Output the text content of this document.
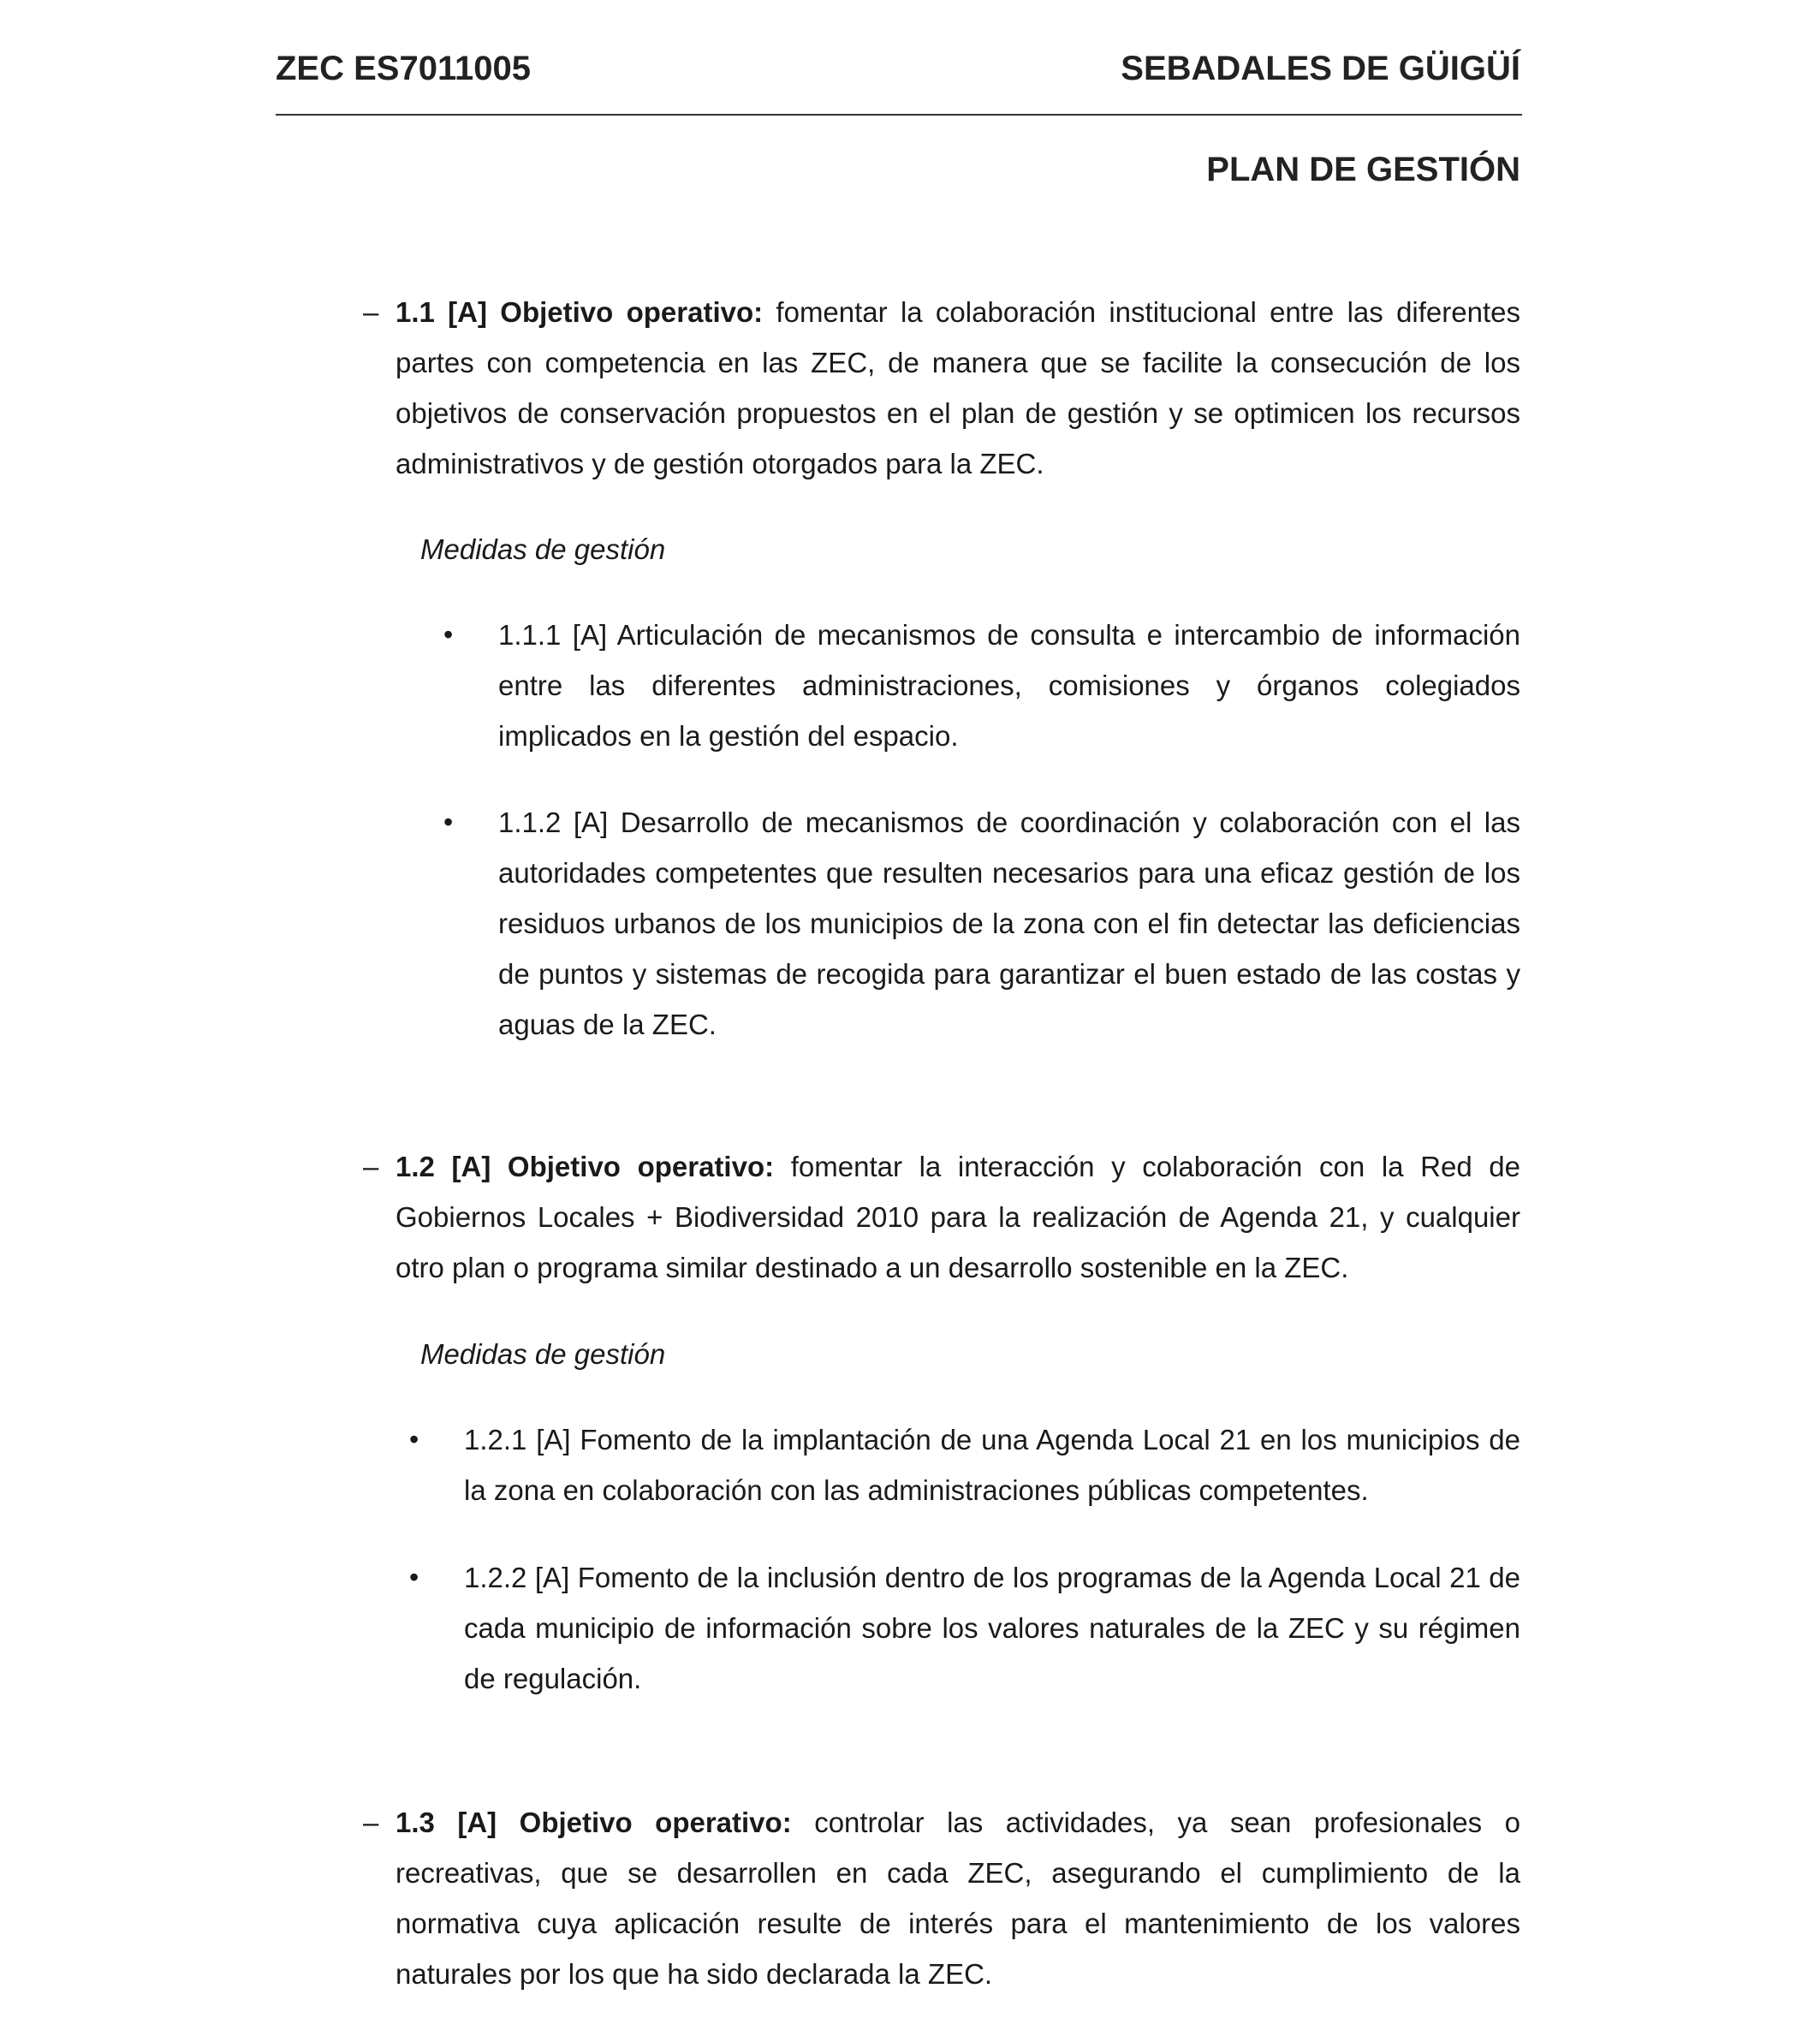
ZEC ES7011005	SEBADALES DE GÜIGÜÍ
PLAN DE GESTIÓN
– 1.1 [A] Objetivo operativo: fomentar la colaboración institucional entre las diferentes partes con competencia en las ZEC, de manera que se facilite la consecución de los objetivos de conservación propuestos en el plan de gestión y se optimicen los recursos administrativos y de gestión otorgados para la ZEC.
Medidas de gestión
• 1.1.1 [A] Articulación de mecanismos de consulta e intercambio de información entre las diferentes administraciones, comisiones y órganos colegiados implicados en la gestión del espacio.
• 1.1.2 [A] Desarrollo de mecanismos de coordinación y colaboración con el las autoridades competentes que resulten necesarios para una eficaz gestión de los residuos urbanos de los municipios de la zona con el fin detectar las deficiencias de puntos y sistemas de recogida para garantizar el buen estado de las costas y aguas de la ZEC.
– 1.2 [A] Objetivo operativo: fomentar la interacción y colaboración con la Red de Gobiernos Locales + Biodiversidad 2010 para la realización de Agenda 21, y cualquier otro plan o programa similar destinado a un desarrollo sostenible en la ZEC.
Medidas de gestión
• 1.2.1 [A] Fomento de la implantación de una Agenda Local 21 en los municipios de la zona en colaboración con las administraciones públicas competentes.
• 1.2.2 [A] Fomento de la inclusión dentro de los programas de la Agenda Local 21 de cada municipio de información sobre los valores naturales de la ZEC y su régimen de regulación.
– 1.3 [A] Objetivo operativo: controlar las actividades, ya sean profesionales o recreativas, que se desarrollen en cada ZEC, asegurando el cumplimiento de la normativa cuya aplicación resulte de interés para el mantenimiento de los valores naturales por los que ha sido declarada la ZEC.
